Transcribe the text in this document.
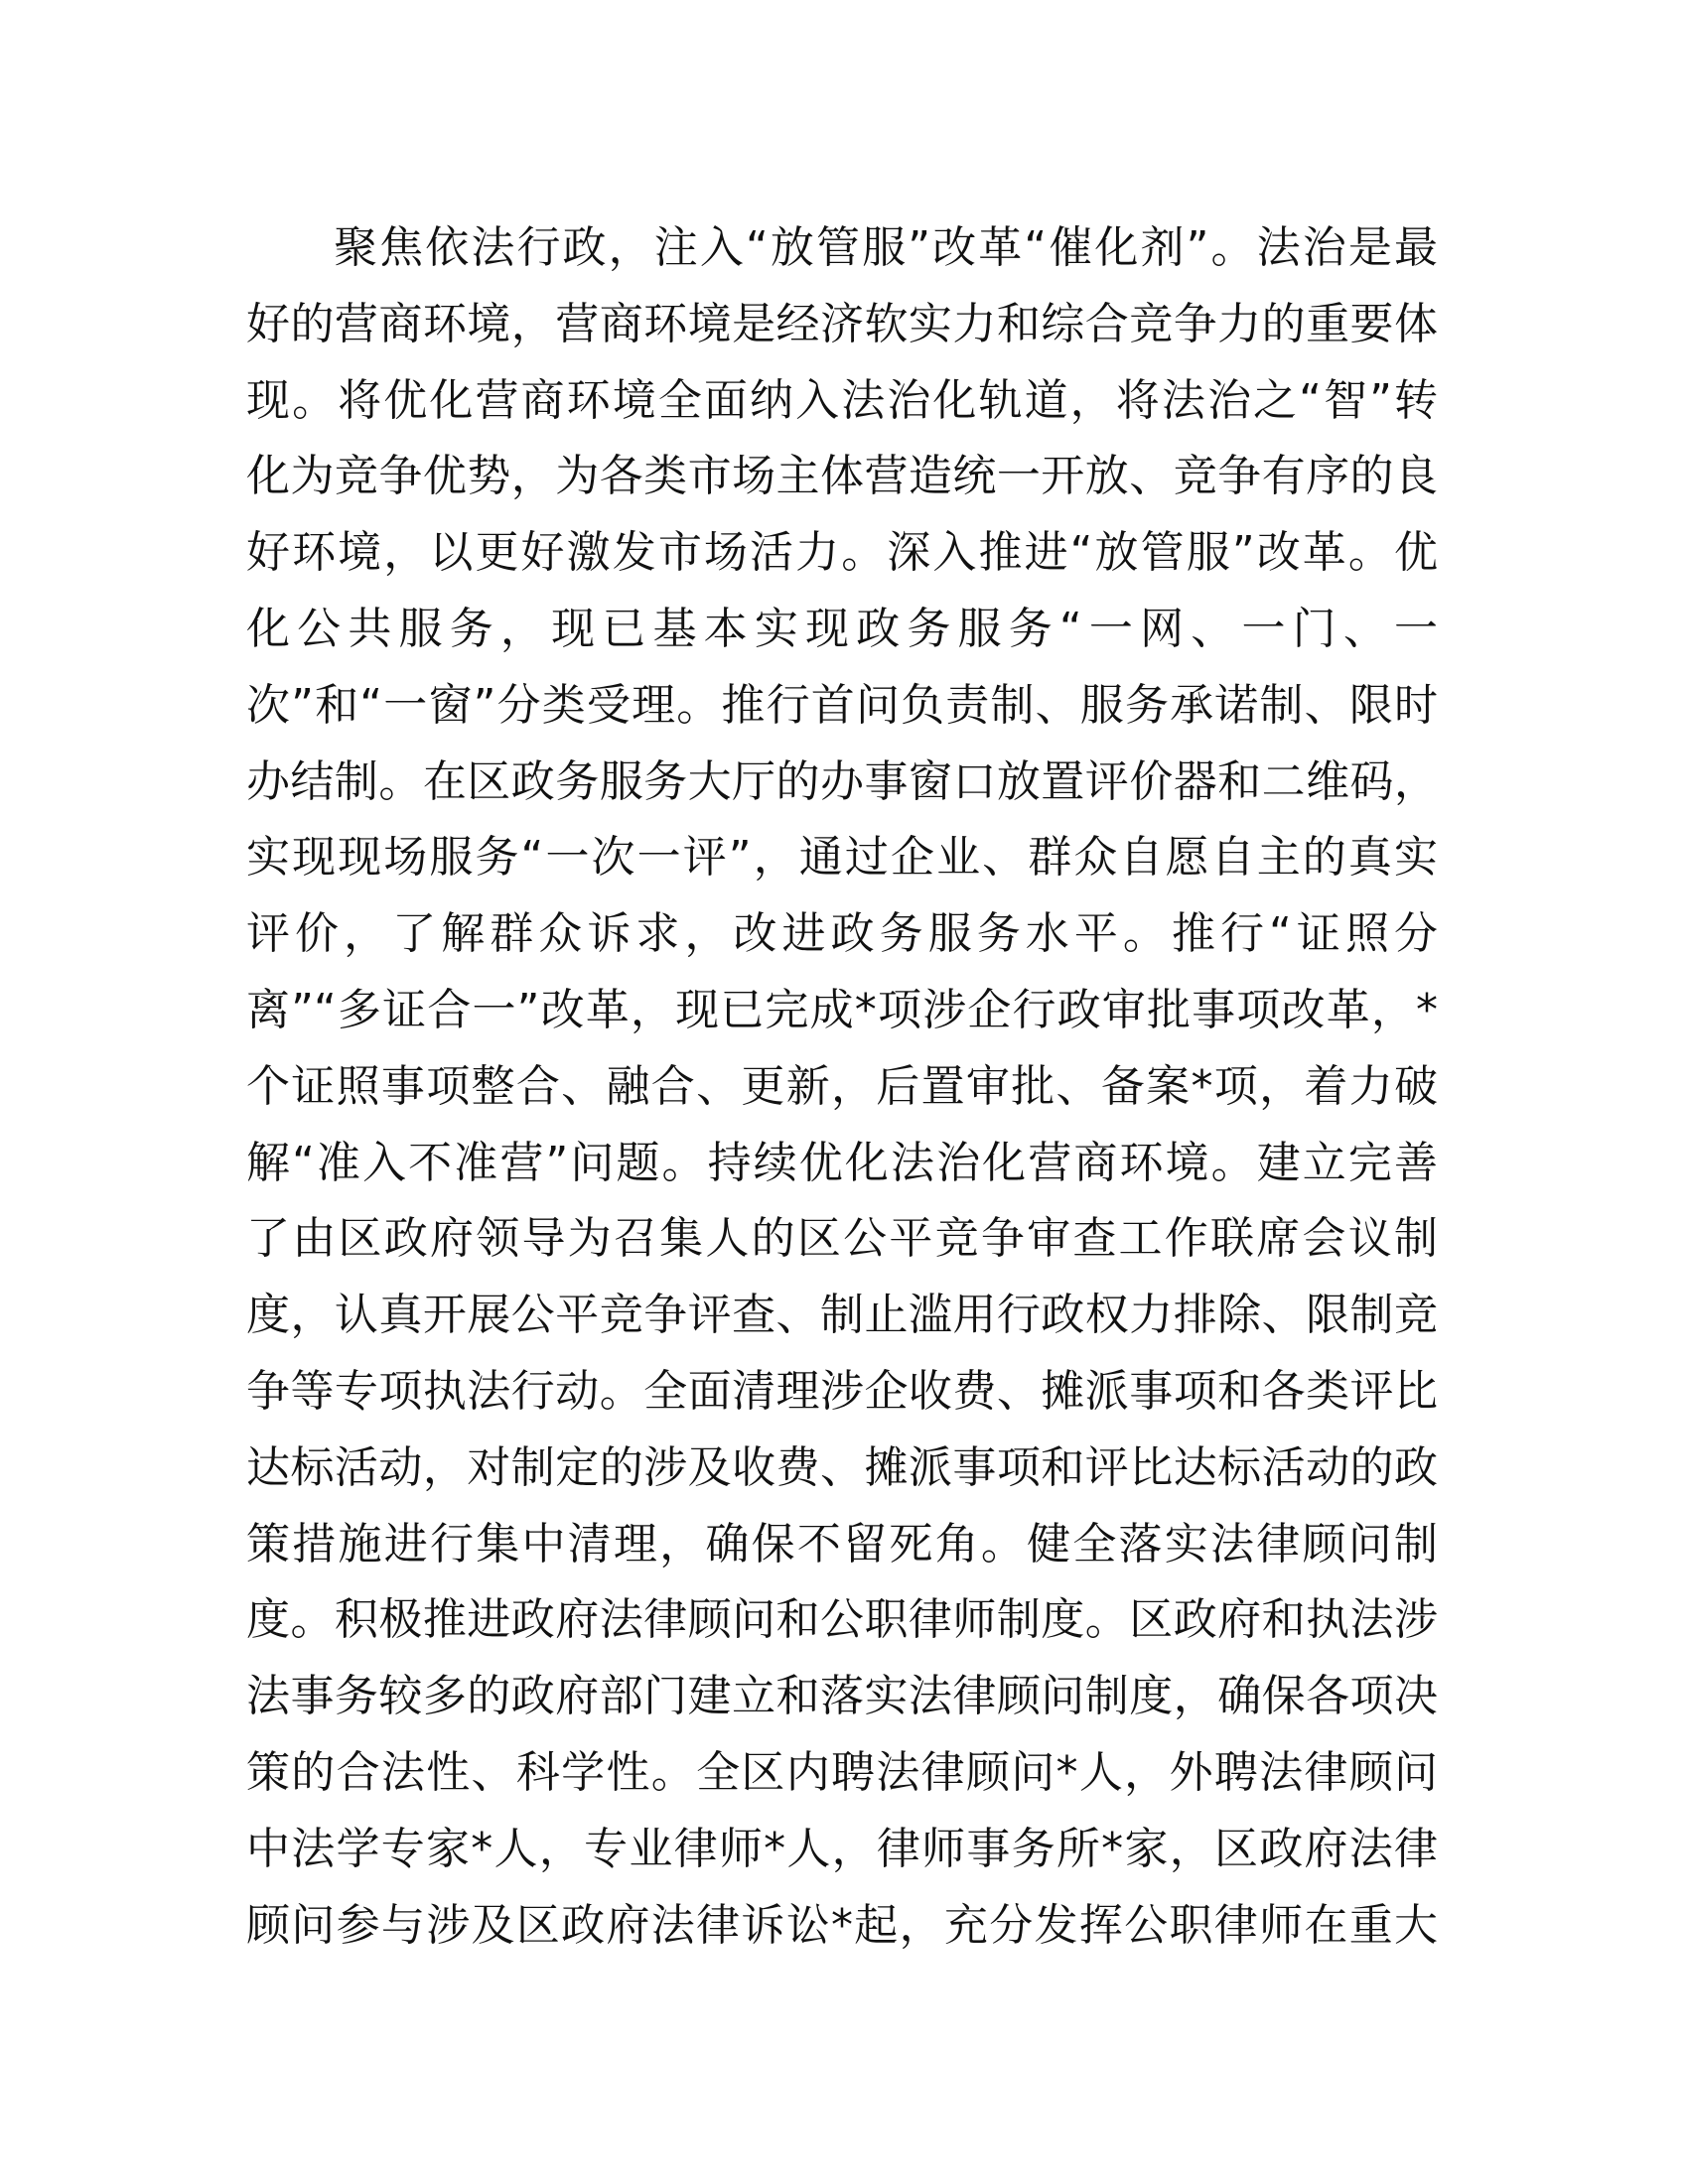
聚焦依法行政，注入“放管服”改革“催化剂”。法治是最
好的营商环境，营商环境是经济软实力和综合竞争力的重要体
现。将优化营商环境全面纳入法治化轨道，将法治之“智”转
化为竞争优势，为各类市场主体营造统一开放、竞争有序的良
好环境，以更好激发市场活力。深入推进“放管服”改革。优
化公共服务，现已基本实现政务服务“一网、一门、一
次”和“一窗”分类受理。推行首问负责制、服务承诺制、限时
办结制。在区政务服务大厅的办事窗口放置评价器和二维码，
实现现场服务“一次一评”，通过企业、群众自愿自主的真实
评价，了解群众诉求，改进政务服务水平。推行“证照分
离”“多证合一”改革，现已完成*项涉企行政审批事项改革，*
个证照事项整合、融合、更新，后置审批、备案*项，着力破
解“准入不准营”问题。持续优化法治化营商环境。建立完善
了由区政府领导为召集人的区公平竞争审查工作联席会议制
度，认真开展公平竞争评查、制止滥用行政权力排除、限制竞
争等专项执法行动。全面清理涉企收费、摊派事项和各类评比
达标活动，对制定的涉及收费、摊派事项和评比达标活动的政
策措施进行集中清理，确保不留死角。健全落实法律顾问制
度。积极推进政府法律顾问和公职律师制度。区政府和执法涉
法事务较多的政府部门建立和落实法律顾问制度，确保各项决
策的合法性、科学性。全区内聘法律顾问*人，外聘法律顾问
中法学专家*人，专业律师*人，律师事务所*家，区政府法律
顾问参与涉及区政府法律诉讼*起，充分发挥公职律师在重大
